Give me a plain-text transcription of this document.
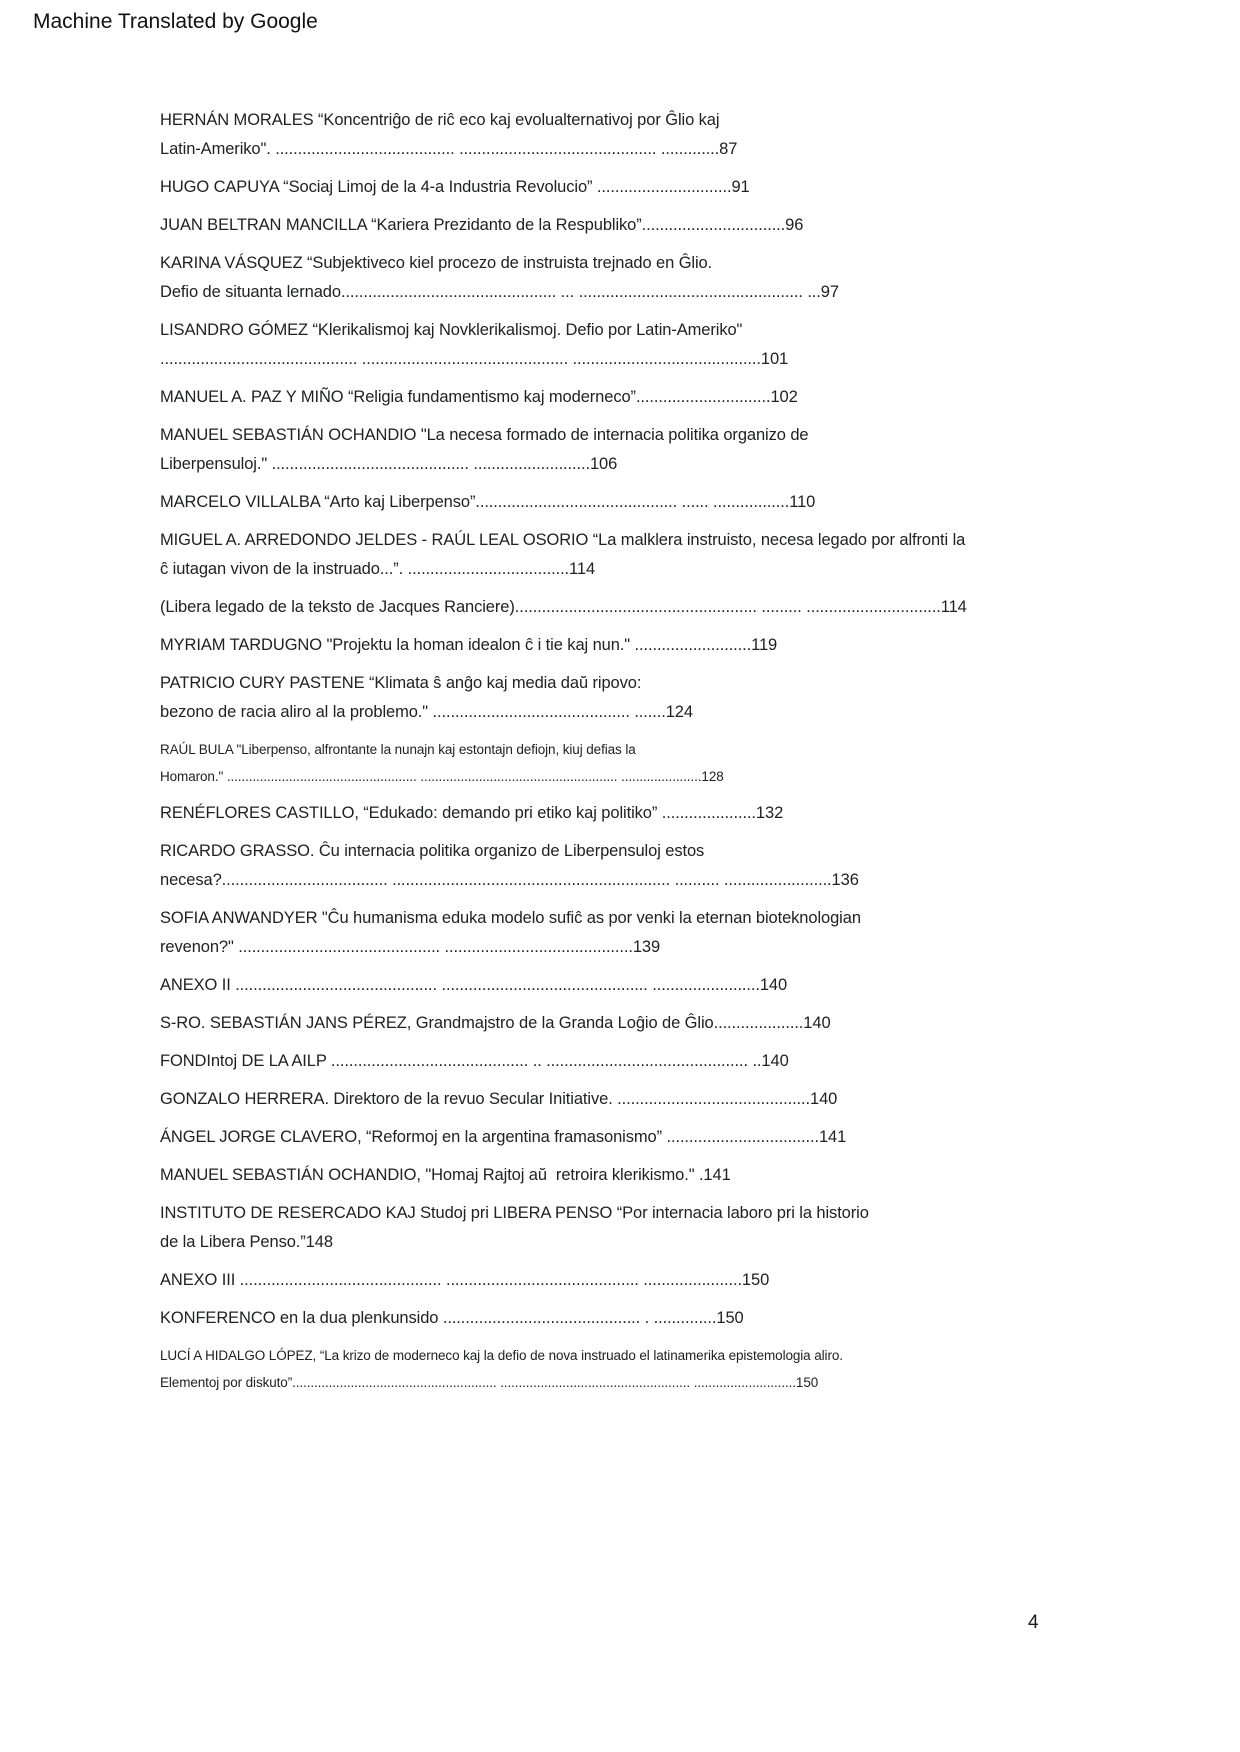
Machine Translated by Google
HERNÁN MORALES “Koncentriĝo de riĉ eco kaj evolualternativoj por Ĝlio kaj
Latin-Ameriko". ........................................ ............................................ .............87
HUGO CAPUYA “Sociaj Limoj de la 4-a Industria Revolucio” ..............................91
JUAN BELTRAN MANCILLA “Kariera Prezidanto de la Respubliko”................................96
KARINA VÁSQUEZ “Subjektiveco kiel procezo de instruista trejnado en Ĝlio.
Defio de situanta lernado................................................ ... .................................................. ...97
LISANDRO GÓMEZ “Klerikalismoj kaj Novklerikalismoj. Defio por Latin-Ameriko"
............................................ .............................................. ..........................................101
MANUEL A. PAZ Y MIÑO “Religia fundamentismo kaj moderneco”..............................102
MANUEL SEBASTIÁN OCHANDIO "La necesa formado de internacia politika organizo de
Liberpensuloj." ............................................ ..........................106
MARCELO VILLALBA “Arto kaj Liberpenso”............................................. ...... .................110
MIGUEL A. ARREDONDO JELDES - RAÚL LEAL OSORIO “La malklera instruisto, necesa legado por alfronti la
ĉ iutagan vivon de la instruado...”. ....................................114
(Libera legado de la teksto de Jacques Ranciere)...................................................... ......... ..............................114
MYRIAM TARDUGNO "Projektu la homan idealon ĉ i tie kaj nun." ..........................119
PATRICIO CURY PASTENE “Klimata ŝ anĝo kaj media daŭ ripovo:
bezono de racia aliro al la problemo." ............................................ .......124
RAÚL BULA "Liberpenso, alfrontante la nunajn kaj estontajn defiojn, kiuj defias la
Homaron." .................................................... ...................................................... ......................128
RENÉFLORES CASTILLO, “Edukado: demando pri etiko kaj politiko” .....................132
RICARDO GRASSO. Ĉu internacia politika organizo de Liberpensuloj estos
necesa?..................................... .............................................................. .......... ........................136
SOFIA ANWANDYER "Ĉu humanisma eduka modelo sufiĉ as por venki la eternan bioteknologian
revenon?" ............................................. ..........................................139
ANEXO II ............................................. .............................................. ........................140
S-RO. SEBASTIÁN JANS PÉREZ, Grandmajstro de la Granda Loĝio de Ĝlio....................140
FONDIntoj DE LA AILP ............................................ .. ............................................. ..140
GONZALO HERRERA. Direktoro de la revuo Secular Initiative. ...........................................140
ÁNGEL JORGE CLAVERO, “Reformoj en la argentina framasonismo” ..................................141
MANUEL SEBASTIÁN OCHANDIO, "Homaj Rajtoj aŭ  retroira klerikismo." .141
INSTITUTO DE RESERCADO KAJ Studoj pri LIBERA PENSO “Por internacia laboro pri la historio
de la Libera Penso.”148
ANEXO III ............................................. ........................................... ......................150
KONFERENCO en la dua plenkunsido ............................................ . ..............150
LUCÍ A HIDALGO LÓPEZ, “La krizo de moderneco kaj la defio de nova instruado el latinamerika epistemologia aliro.
Elementoj por diskuto”........................................................ .................................................... ............................150
4
